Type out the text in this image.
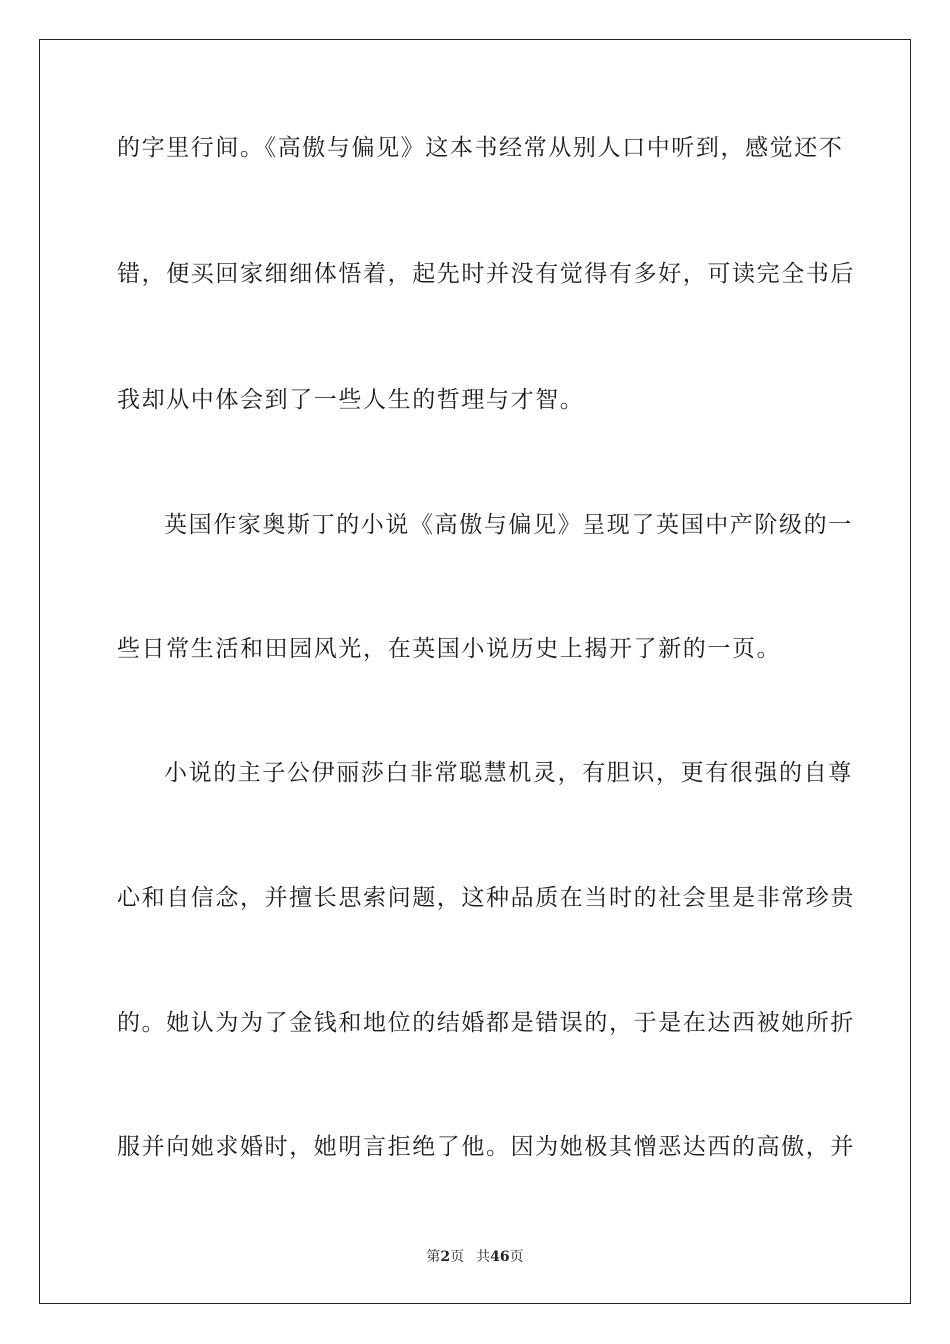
的字里行间。《高傲与偏见》这本书经常从别人口中听到，感觉还不
错，便买回家细细体悟着，起先时并没有觉得有多好，可读完全书后
我却从中体会到了一些人生的哲理与才智。
英国作家奥斯丁的小说《高傲与偏见》呈现了英国中产阶级的一
些日常生活和田园风光，在英国小说历史上揭开了新的一页。
小说的主子公伊丽莎白非常聪慧机灵，有胆识，更有很强的自尊
心和自信念，并擅长思索问题，这种品质在当时的社会里是非常珍贵
的。她认为为了金钱和地位的结婚都是错误的，于是在达西被她所折
服并向她求婚时，她明言拒绝了他。因为她极其憎恶达西的高傲，并
第2页 共46页
